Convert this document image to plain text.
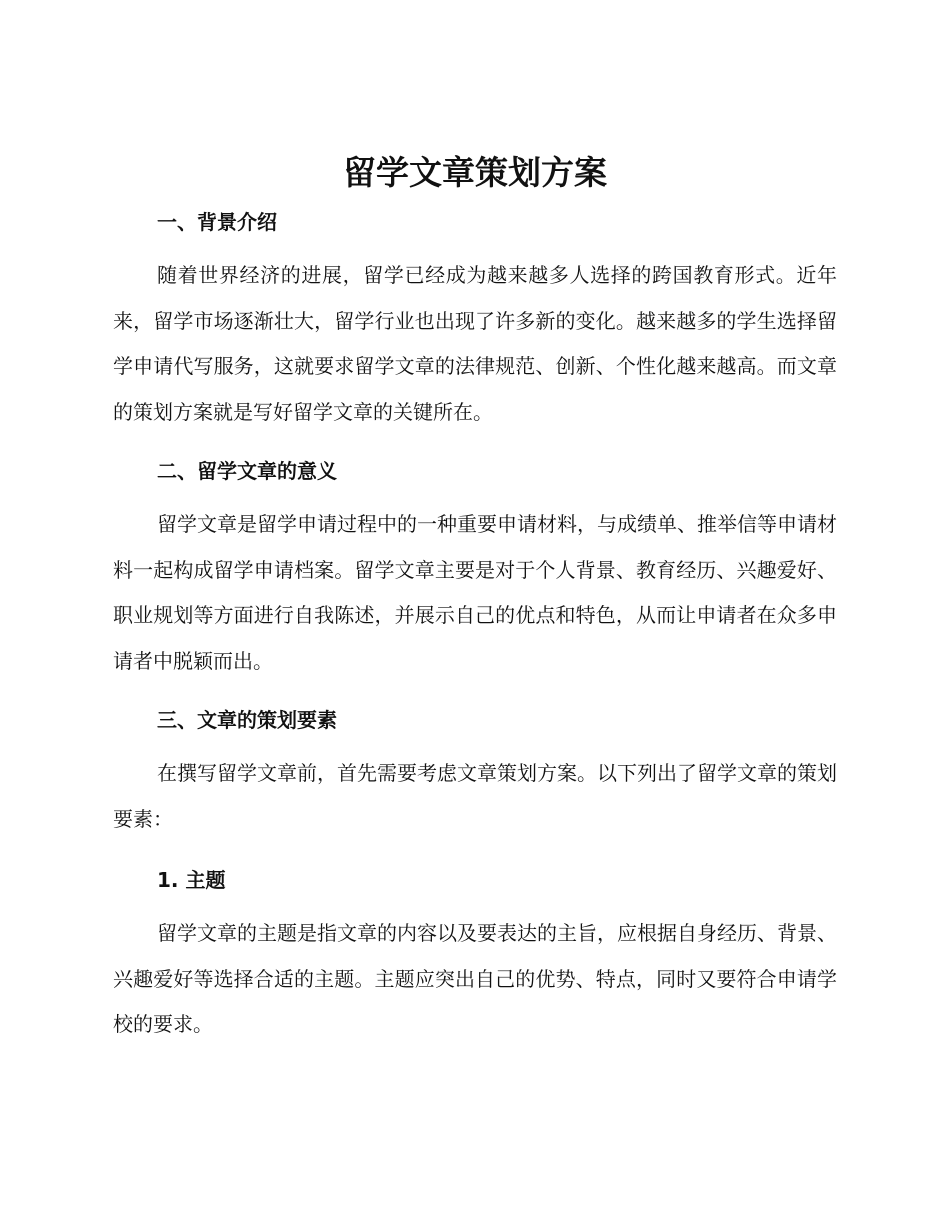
留学文章策划方案
一、背景介绍

随着世界经济的进展，留学已经成为越来越多人选择的跨国教育形式。近年来，留学市场逐渐壮大，留学行业也出现了许多新的变化。越来越多的学生选择留学申请代写服务，这就要求留学文章的法律规范、创新、个性化越来越高。而文章的策划方案就是写好留学文章的关键所在。

二、留学文章的意义

留学文章是留学申请过程中的一种重要申请材料，与成绩单、推举信等申请材料一起构成留学申请档案。留学文章主要是对于个人背景、教育经历、兴趣爱好、职业规划等方面进行自我陈述，并展示自己的优点和特色，从而让申请者在众多申请者中脱颖而出。

三、文章的策划要素

在撰写留学文章前，首先需要考虑文章策划方案。以下列出了留学文章的策划要素：

1. 主题

留学文章的主题是指文章的内容以及要表达的主旨，应根据自身经历、背景、兴趣爱好等选择合适的主题。主题应突出自己的优势、特点，同时又要符合申请学校的要求。
